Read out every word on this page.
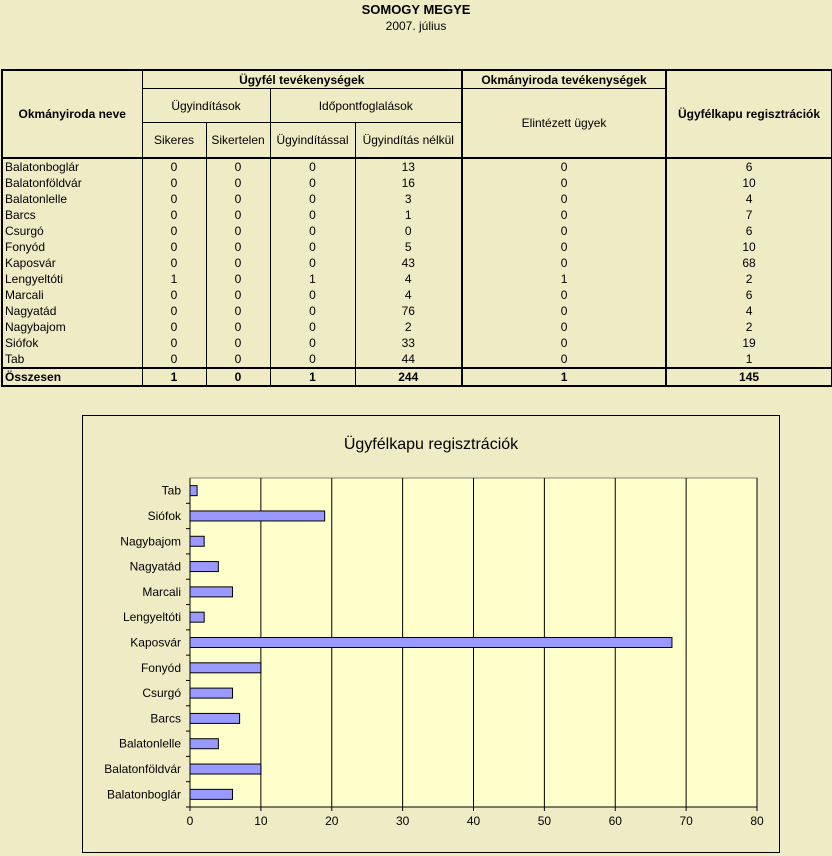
SOMOGY MEGYE
2007. július
Okmányiroda neve	Ügyfél tevékenységek				Okmányiroda tevékenységek	Ügyfélkapu regisztrációk
	Ügyindítások		Időpontfoglalások		Elintézett ügyek	
	Sikeres	Sikertelen	Ügyindítással	Ügyindítás nélkül		
Balatonboglár	0	0	0	13	0	6
Balatonföldvár	0	0	0	16	0	10
Balatonlelle	0	0	0	3	0	4
Barcs	0	0	0	1	0	7
Csurgó	0	0	0	0	0	6
Fonyód	0	0	0	5	0	10
Kaposvár	0	0	0	43	0	68
Lengyeltóti	1	0	1	4	1	2
Marcali	0	0	0	4	0	6
Nagyatád	0	0	0	76	0	4
Nagybajom	0	0	0	2	0	2
Siófok	0	0	0	33	0	19
Tab	0	0	0	44	0	1
Összesen	1	0	1	244	1	145
Ügyfélkapu regisztrációk
0	10	20	30	40	50	60	70	80
Balatonboglár
Balatonföldvár
Balatonlelle
Barcs
Csurgó
Fonyód
Kaposvár
Lengyeltóti
Marcali
Nagyatád
Nagybajom
Siófok
Tab
